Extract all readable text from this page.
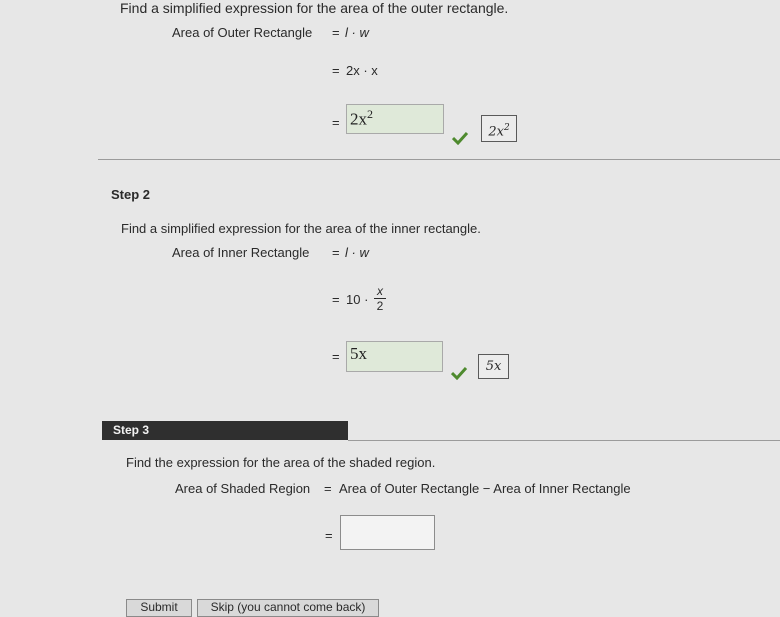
Find a simplified expression for the area of the outer rectangle.
Area of Outer Rectangle = l · w
= 2x · x
= $2x^2$
$2x^2$
Step 2
Find a simplified expression for the area of the inner rectangle.
Area of Inner Rectangle = l · w
= $10 \cdot \frac{x}{2}$
= 5x
5x
Step 3
Find the expression for the area of the shaded region.
Area of Shaded Region = Area of Outer Rectangle − Area of Inner Rectangle
=
Submit	Skip (you cannot come back)
